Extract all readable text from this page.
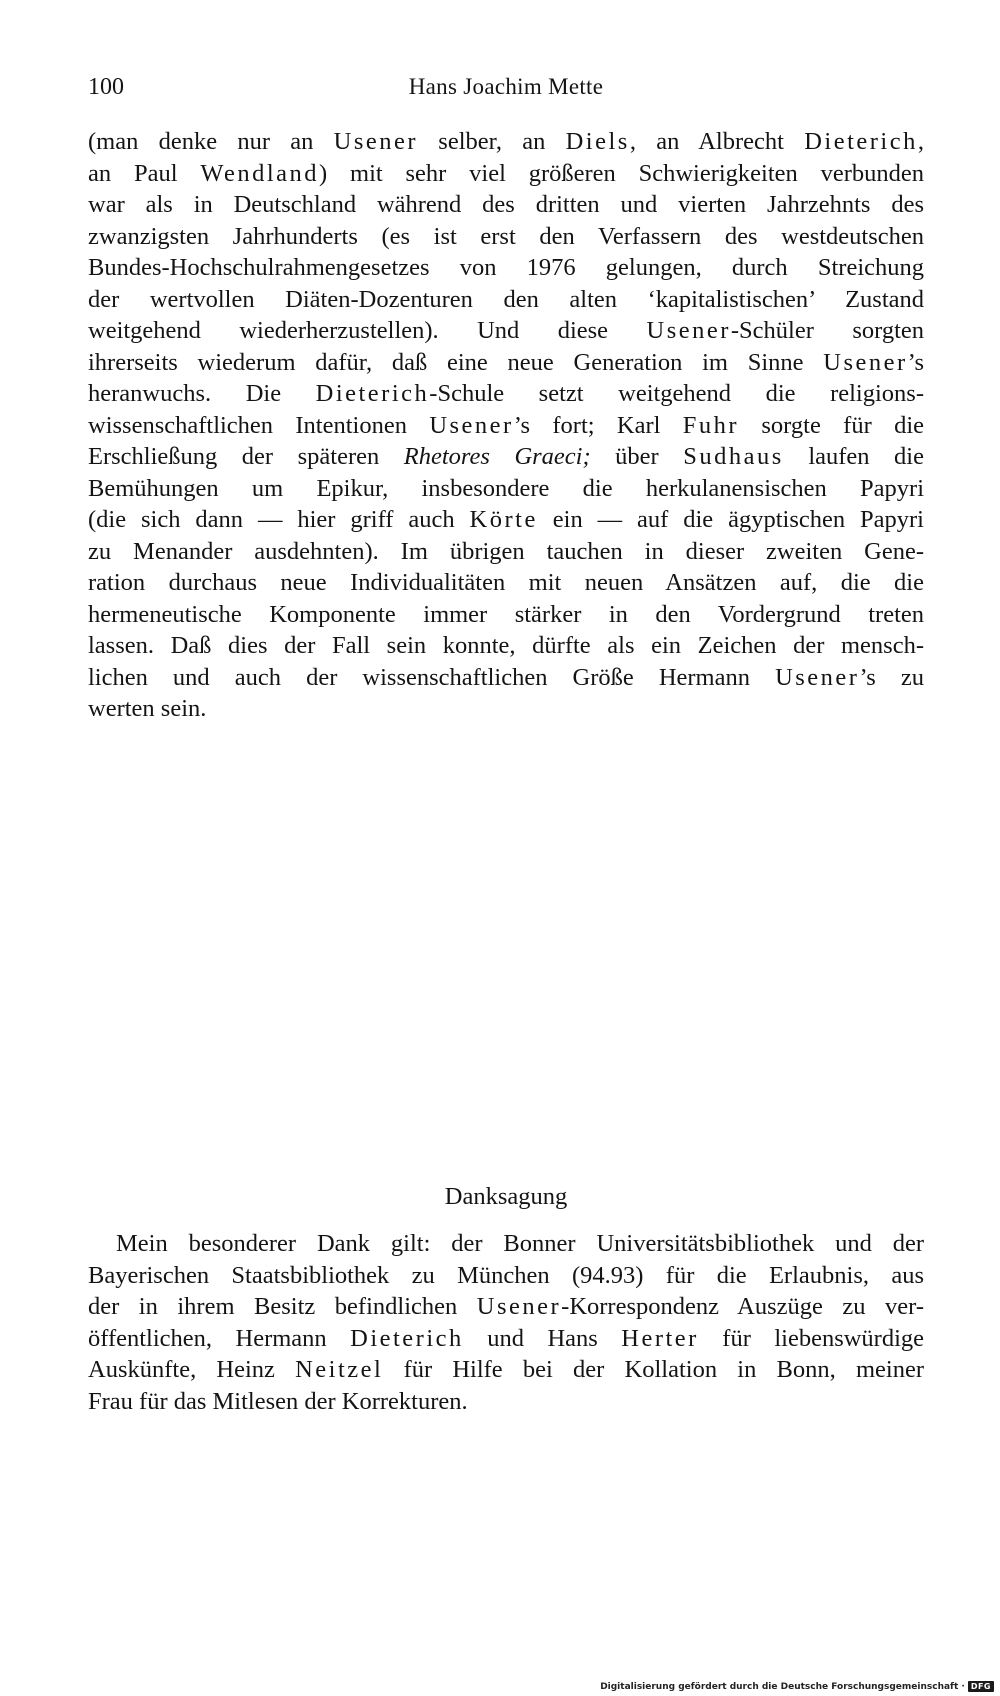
100	Hans Joachim Mette
(man denke nur an Usener selber, an Diels, an Albrecht Dieterich,
an Paul Wendland) mit sehr viel größeren Schwierigkeiten verbunden
war als in Deutschland während des dritten und vierten Jahrzehnts des
zwanzigsten Jahrhunderts (es ist erst den Verfassern des westdeutschen
Bundes-Hochschulrahmengesetzes von 1976 gelungen, durch Streichung
der wertvollen Diäten-Dozenturen den alten ‘kapitalistischen’ Zustand
weitgehend wiederherzustellen). Und diese Usener-Schüler sorgten
ihrerseits wiederum dafür, daß eine neue Generation im Sinne Usener’s
heranwuchs. Die Dieterich-Schule setzt weitgehend die religions-
wissenschaftlichen Intentionen Usener’s fort; Karl Fuhr sorgte für die
Erschließung der späteren Rhetores Graeci; über Sudhaus laufen die
Bemühungen um Epikur, insbesondere die herkulanensischen Papyri
(die sich dann — hier griff auch Körte ein — auf die ägyptischen Papyri
zu Menander ausdehnten). Im übrigen tauchen in dieser zweiten Gene-
ration durchaus neue Individualitäten mit neuen Ansätzen auf, die die
hermeneutische Komponente immer stärker in den Vordergrund treten
lassen. Daß dies der Fall sein konnte, dürfte als ein Zeichen der mensch-
lichen und auch der wissenschaftlichen Größe Hermann Usener’s zu
werten sein.
Danksagung
Mein besonderer Dank gilt: der Bonner Universitätsbibliothek und der
Bayerischen Staatsbibliothek zu München (94.93) für die Erlaubnis, aus
der in ihrem Besitz befindlichen Usener-Korrespondenz Auszüge zu ver-
öffentlichen, Hermann Dieterich und Hans Herter für liebenswürdige
Auskünfte, Heinz Neitzel für Hilfe bei der Kollation in Bonn, meiner
Frau für das Mitlesen der Korrekturen.
Digitalisierung gefördert durch die Deutsche Forschungsgemeinschaft · DFG
